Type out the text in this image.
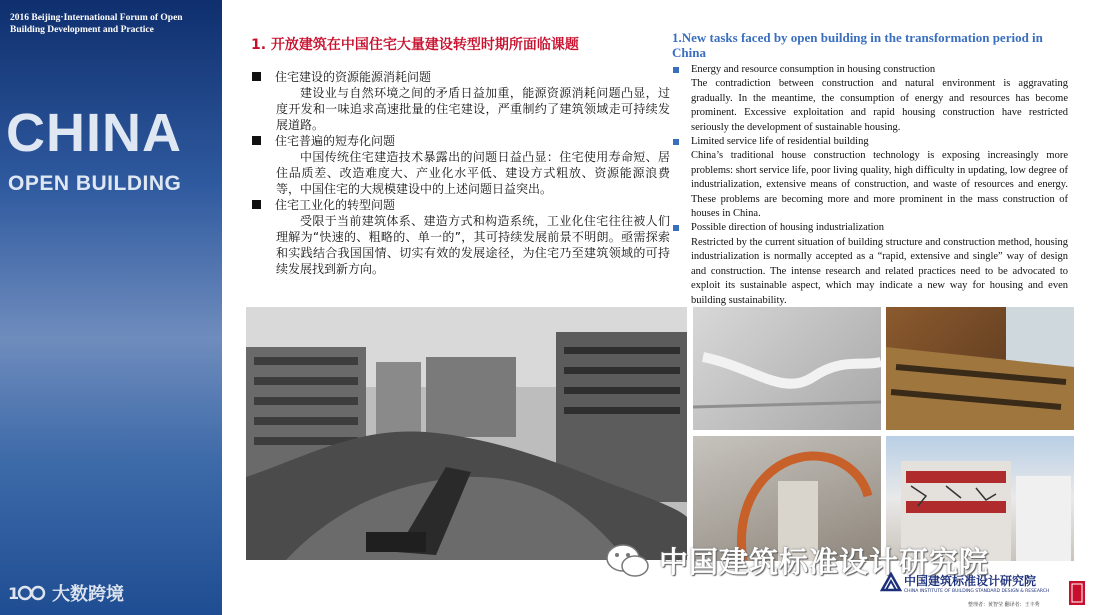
2016 Beijing·International Forum of Open Building Development and Practice
CHINA
OPEN BUILDING
1 大数跨境
1. 开放建筑在中国住宅大量建设转型时期所面临课题
住宅建设的资源能源消耗问题
建设业与自然环境之间的矛盾日益加重，能源资源消耗问题凸显，过度开发和一味追求高速批量的住宅建设，严重制约了建筑领域走可持续发展道路。
住宅普遍的短寿化问题
中国传统住宅建造技术暴露出的问题日益凸显：住宅使用寿命短、居住品质差、改造难度大、产业化水平低、建设方式粗放、资源能源浪费等，中国住宅的大规模建设中的上述问题日益突出。
住宅工业化的转型问题
受限于当前建筑体系、建造方式和构造系统，工业化住宅往往被人们理解为“快速的、粗略的、单一的”，其可持续发展前景不明朗。亟需探索和实践结合我国国情、切实有效的发展途径，为住宅乃至建筑领域的可持续发展找到新方向。
1.New tasks faced by open building in the transformation period in China
Energy and resource consumption in housing construction
The contradiction between construction and natural environment is aggravating gradually. In the meantime, the consumption of energy and resources has become prominent. Excessive exploitation and rapid housing construction have restricted seriously the development of sustainable housing.
Limited service life of residential building
China’s traditional house construction technology is exposing increasingly more problems: short service life, poor living quality, high difficulty in updating, low degree of industrialization, extensive means of construction, and waste of resources and energy. These problems are becoming more and more prominent in the mass construction of houses in China.
Possible direction of housing industrialization
Restricted by the current situation of building structure and construction method, housing industrialization is normally accepted as a “rapid, extensive and single” way of design and construction. The intense research and related practices need to be advocated to exploit its sustainable aspect, which may indicate a new way for housing and even building sustainability.
中国建筑标准设计研究院
中国建筑标准设计研究院
CHINA INSTITUTE OF BUILDING STANDARD DESIGN & RESEARCH
整理者：黄智莹 翻译者：王丰秀
